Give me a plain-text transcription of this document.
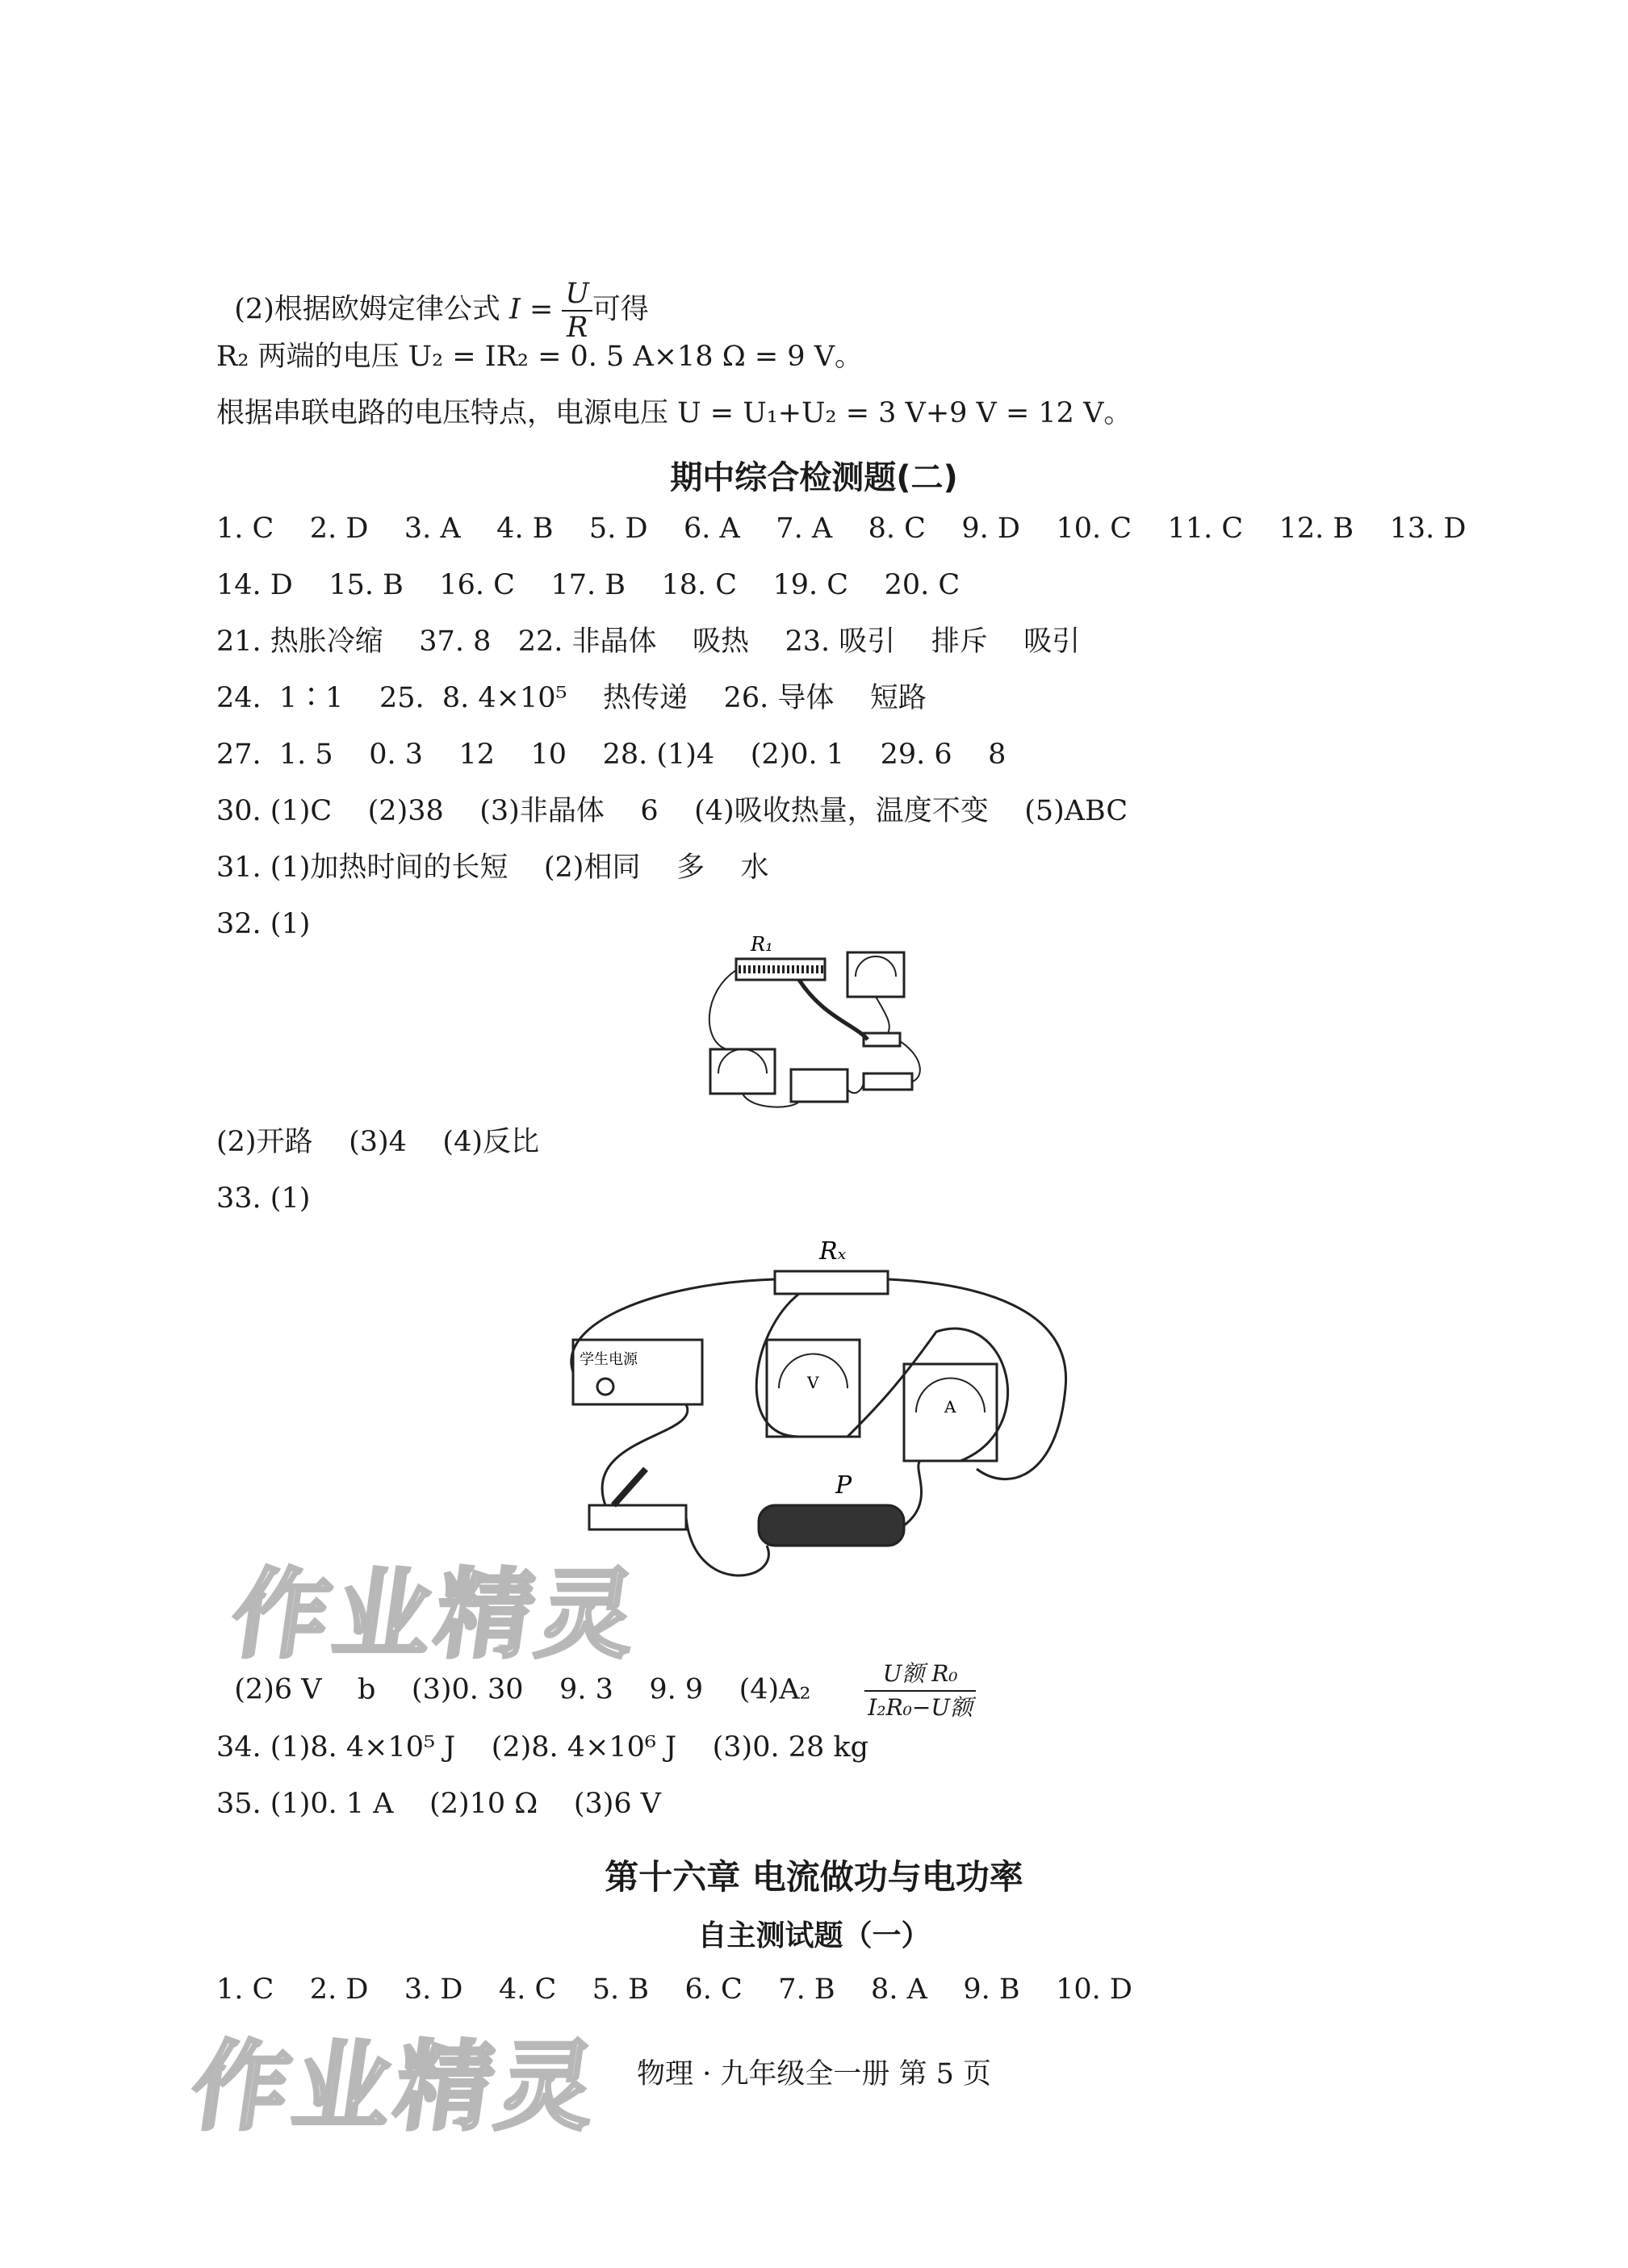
(2)根据欧姆定律公式 $I = \frac{U}{R}$ 可得

R₂ 两端的电压 U₂ = IR₂ = 0. 5 A×18 Ω = 9 V。
根据串联电路的电压特点，电源电压 U = U₁+U₂ = 3 V+9 V = 12 V。
期中综合检测题(二)
1. C    2. D    3. A    4. B    5. D    6. A    7. A    8. C    9. D    10. C    11. C    12. B    13. D
14. D    15. B    16. C    17. B    18. C    19. C    20. C
21. 热胀冷缩    37. 8   22. 非晶体    吸热    23. 吸引    排斥    吸引
24.  1∶1    25.  8. 4×10⁵    热传递    26. 导体    短路
27.  1. 5    0. 3    12    10    28. (1)4    (2)0. 1    29. 6    8
30. (1)C    (2)38    (3)非晶体    6    (4)吸收热量，温度不变    (5)ABC
31. (1)加热时间的长短    (2)相同    多    水
32. (1)
R₁
(2)开路    (3)4    (4)反比
33. (1)
Rₓ
学生电源
V
A
P

(2)6 V    b    (3)0. 30    9. 3    9. 9    $(4)A_2 \frac{\text{U额 R₀}}{\text{I₂R₀−U额}}$

34. (1)8. 4×10⁵ J    (2)8. 4×10⁶ J    (3)0. 28 kg
35. (1)0. 1 A    (2)10 Ω    (3)6 V
第十六章 电流做功与电功率
自主测试题（一）
1. C    2. D    3. D    4. C    5. B    6. C    7. B    8. A    9. B    10. D
作业精灵
作业精灵	物理 · 九年级全一册 第 5 页
